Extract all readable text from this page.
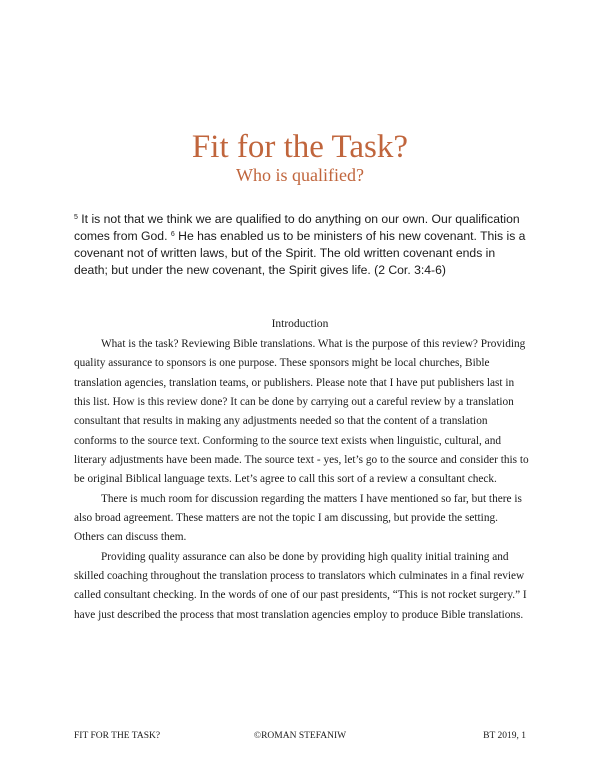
Fit for the Task?
Who is qualified?

$^5$ It is not that we think we are qualified to do anything on our own. Our qualification comes from God. $^6$ He has enabled us to be ministers of his new covenant. This is a covenant not of written laws, but of the Spirit. The old written covenant ends in death; but under the new covenant, the Spirit gives life. (2 Cor. 3:4-6)

Introduction

What is the task? Reviewing Bible translations. What is the purpose of this review? Providing quality assurance to sponsors is one purpose. These sponsors might be local churches, Bible translation agencies, translation teams, or publishers. Please note that I have put publishers last in this list. How is this review done? It can be done by carrying out a careful review by a translation consultant that results in making any adjustments needed so that the content of a translation conforms to the source text. Conforming to the source text exists when linguistic, cultural, and literary adjustments have been made. The source text - yes, let’s go to the source and consider this to be original Biblical language texts. Let’s agree to call this sort of a review a consultant check.

There is much room for discussion regarding the matters I have mentioned so far, but there is also broad agreement. These matters are not the topic I am discussing, but provide the setting. Others can discuss them.

Providing quality assurance can also be done by providing high quality initial training and skilled coaching throughout the translation process to translators which culminates in a final review called consultant checking. In the words of one of our past presidents, “This is not rocket surgery.” I have just described the process that most translation agencies employ to produce Bible translations.

FIT FOR THE TASK?	©ROMAN STEFANIW	BT 2019, 1
